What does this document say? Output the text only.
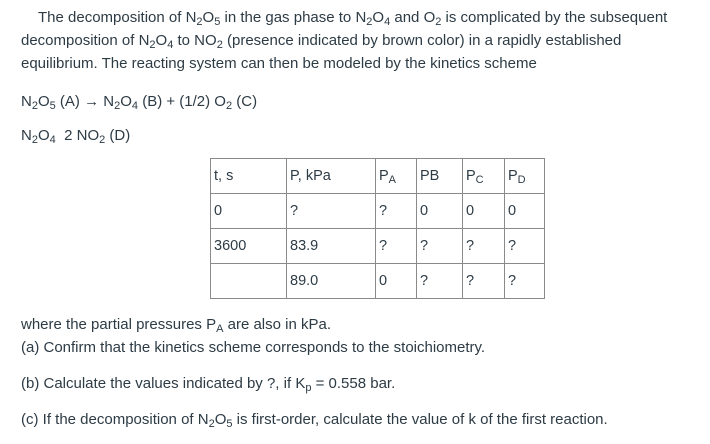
The decomposition of $N_2O_5$ in the gas phase to $N_2O_4$ and $O_2$ is complicated by the subsequent
decomposition of $N_2O_4$ to $NO_2$ (presence indicated by brown color) in a rapidly established
equilibrium. The reacting system can then be modeled by the kinetics scheme
$N_2O_5$ $(A) \to N_2O_4$ (B) + (1/2) $O_2$ (C)
$N_2O_4$  2 $NO_2$ (D)
t, s	P, kPa	$P_A$	PB	$P_C$	$P_D$
0	?	?	0	0	0
3600	83.9	?	?	?	?
	89.0	0	?	?	?
where the partial pressures $P_A$ are also in kPa.
(a) Confirm that the kinetics scheme corresponds to the stoichiometry.
(b) Calculate the values indicated by ?, if $K_p = 0.558$ bar.
(c) If the decomposition of $N_2O_5$ is first-order, calculate the value of k of the first reaction.
